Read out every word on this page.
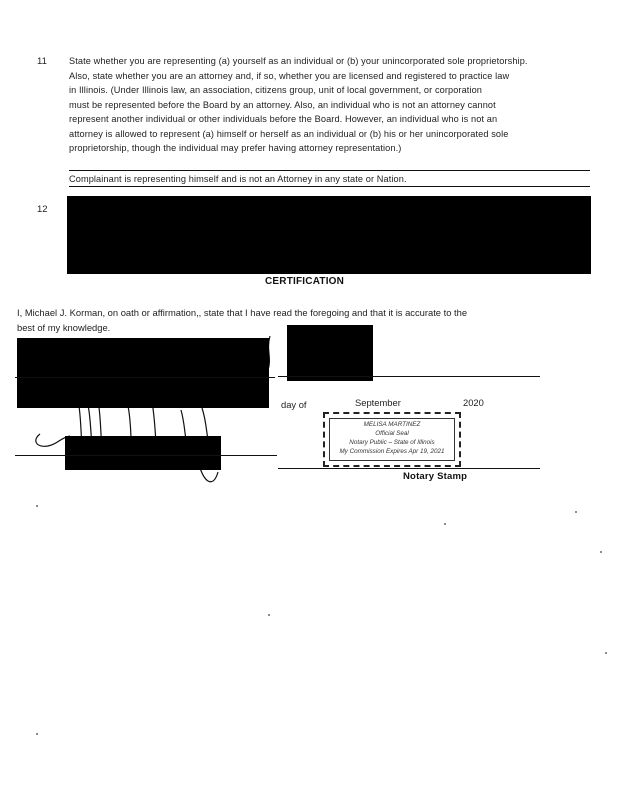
11 State whether you are representing (a) yourself as an individual or (b) your unincorporated sole proprietorship.
Also, state whether you are an attorney and, if so, whether you are licensed and registered to practice law
in Illinois. (Under Illinois law, an association, citizens group, unit of local government, or corporation
must be represented before the Board by an attorney. Also, an individual who is not an attorney cannot
represent another individual or other individuals before the Board. However, an individual who is not an
attorney is allowed to represent (a) himself or herself as an individual or (b) his or her unincorporated sole
proprietorship, though the individual may prefer having attorney representation.)
Complainant is representing himself and is not an Attorney in any state or Nation.
12
CERTIFICATION
I, Michael J. Korman, on oath or affirmation,, state that I have read the foregoing and that it is accurate to the
best of my knowledge.
day of	September	2020
MELISA MARTINEZ
Official Seal
Notary Public – State of Illinois
My Commission Expires Apr 19, 2021
Notary Stamp
